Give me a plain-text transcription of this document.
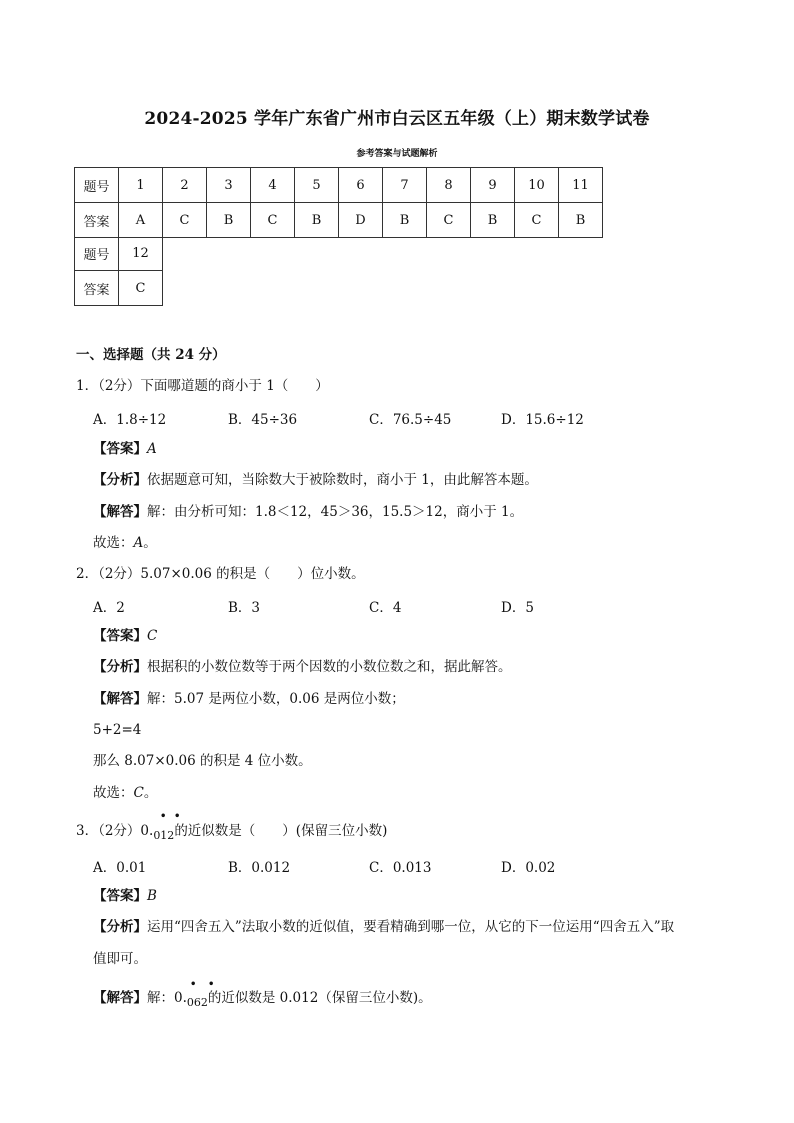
2024-2025 学年广东省广州市白云区五年级（上）期末数学试卷
参考答案与试题解析
题号	1	2	3	4	5	6	7	8	9	10	11
答案	A	C	B	C	B	D	B	C	B	C	B
题号	12
答案	C
一、选择题（共 24 分）
1．（2分）下面哪道题的商小于 1（　　）
A．1.8÷12	B．45÷36	C．76.5÷45	D．15.6÷12
【答案】A
【分析】依据题意可知，当除数大于被除数时，商小于 1，由此解答本题。
【解答】解：由分析可知：1.8＜12，45＞36，15.5＞12，商小于 1。
故选：A。
2．（2分）5.07×0.06 的积是（　　）位小数。
A．2	B．3	C．4	D．5
【答案】C
【分析】根据积的小数位数等于两个因数的小数位数之和，据此解答。
【解答】解：5.07 是两位小数，0.06 是两位小数；
5+2=4
那么 8.07×0.06 的积是 4 位小数。
故选：C。
• •
3．（2分）$0._{012}$的近似数是（　　）(保留三位小数)
A．0.01	B．0.012	C．0.013	D．0.02
【答案】B
【分析】运用“四舍五入”法取小数的近似值，要看精确到哪一位，从它的下一位运用“四舍五入”取
值即可。
• •
【解答】解：$0._{062}$的近似数是 0.012（保留三位小数)。
